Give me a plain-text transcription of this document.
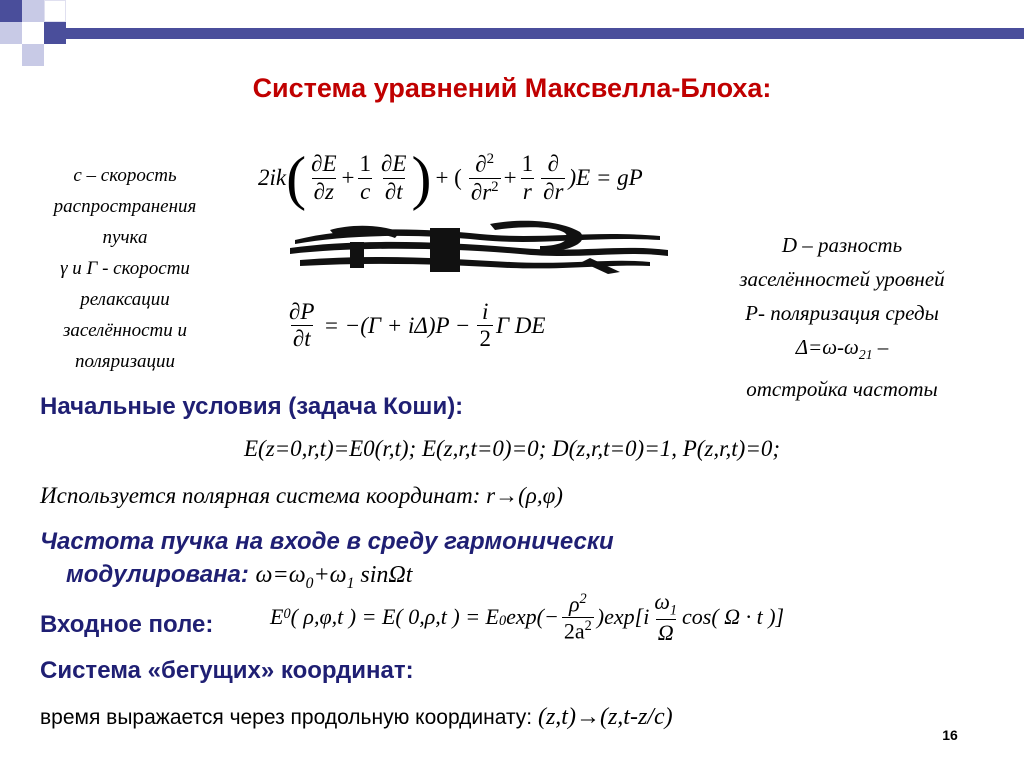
Система уравнений Максвелла-Блоха:
c – скорость
распространения
пучка
γ и Γ - скорости
релаксации
заселённости и
поляризации
2ik ( $\frac{\partial E}{\partial z} + \frac{1}{c} \frac{\partial E}{\partial t}$ ) + ( $\frac{\partial^2}{\partial r^2} + \frac{1}{r} \frac{\partial}{\partial r} )E$ = gP
$\frac{\partial P}{\partial t} = -(\Gamma + i\Delta)P - \frac{i}{2}$ Γ DE
D – разность
заселённостей уровней
P- поляризация среды
$\Delta=\omega-\omega_{21}$ –
отстройка частоты
Начальные условия (задача Коши):
E(z=0,r,t)=E0(r,t); E(z,r,t=0)=0; D(z,r,t=0)=1, P(z,r,t)=0;
Используется полярная система координат: r→(ρ,φ)
Частота пучка на входе в среду гармонически
модулирована: $\omega=\omega_0+\omega_1$ sinΩt
Входное поле:	E 0 ( ρ,φ,t ) = E( 0,ρ,t ) = $E_0$ $\exp(- \frac{\rho^2}{2a^2} )\exp[i \frac{\omega_1}{\Omega} \cos$( Ω · t )]
Система «бегущих» координат:
время выражается через продольную координату: (z,t)→(z,t-z/c)
16
